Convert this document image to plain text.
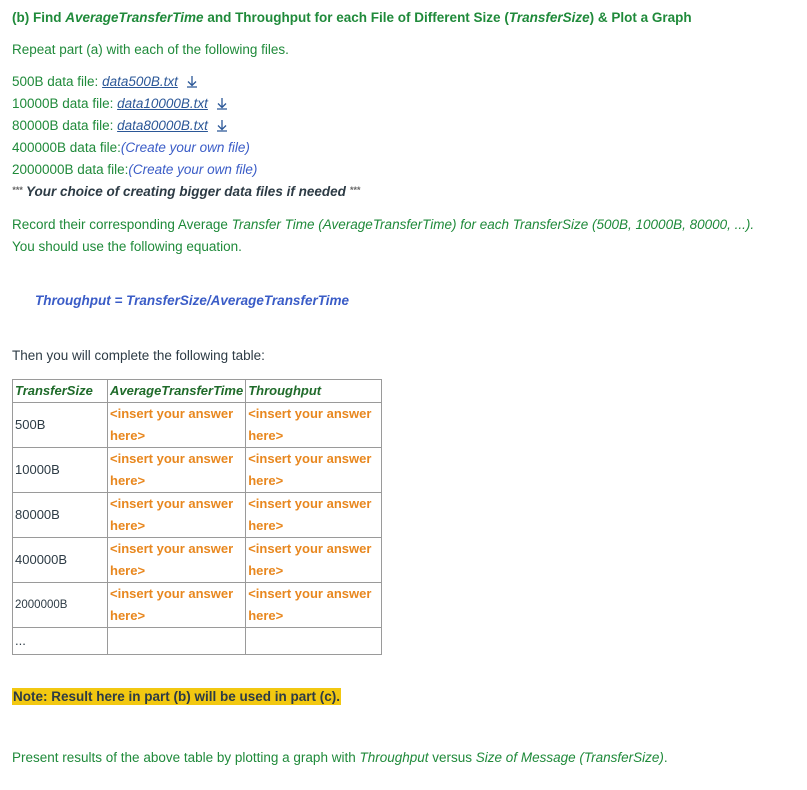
(b) Find AverageTransferTime and Throughput for each File of Different Size (TransferSize) & Plot a Graph
Repeat part (a) with each of the following files.
500B data file: data500B.txt
10000B data file: data10000B.txt
80000B data file: data80000B.txt
400000B data file:(Create your own file)
2000000B data file:(Create your own file)
*** Your choice of creating bigger data files if needed ***
Record their corresponding Average Transfer Time (AverageTransferTime) for each TransferSize (500B, 10000B, 80000, ...).
You should use the following equation.
Throughput = TransferSize/AverageTransferTime
Then you will complete the following table:
TransferSize	AverageTransferTime	Throughput
500B	<insert your answer here>	<insert your answer here>
10000B	<insert your answer here>	<insert your answer here>
80000B	<insert your answer here>	<insert your answer here>
400000B	<insert your answer here>	<insert your answer here>
2000000B	<insert your answer here>	<insert your answer here>
...		
Note: Result here in part (b) will be used in part (c).
Present results of the above table by plotting a graph with Throughput versus Size of Message (TransferSize).
